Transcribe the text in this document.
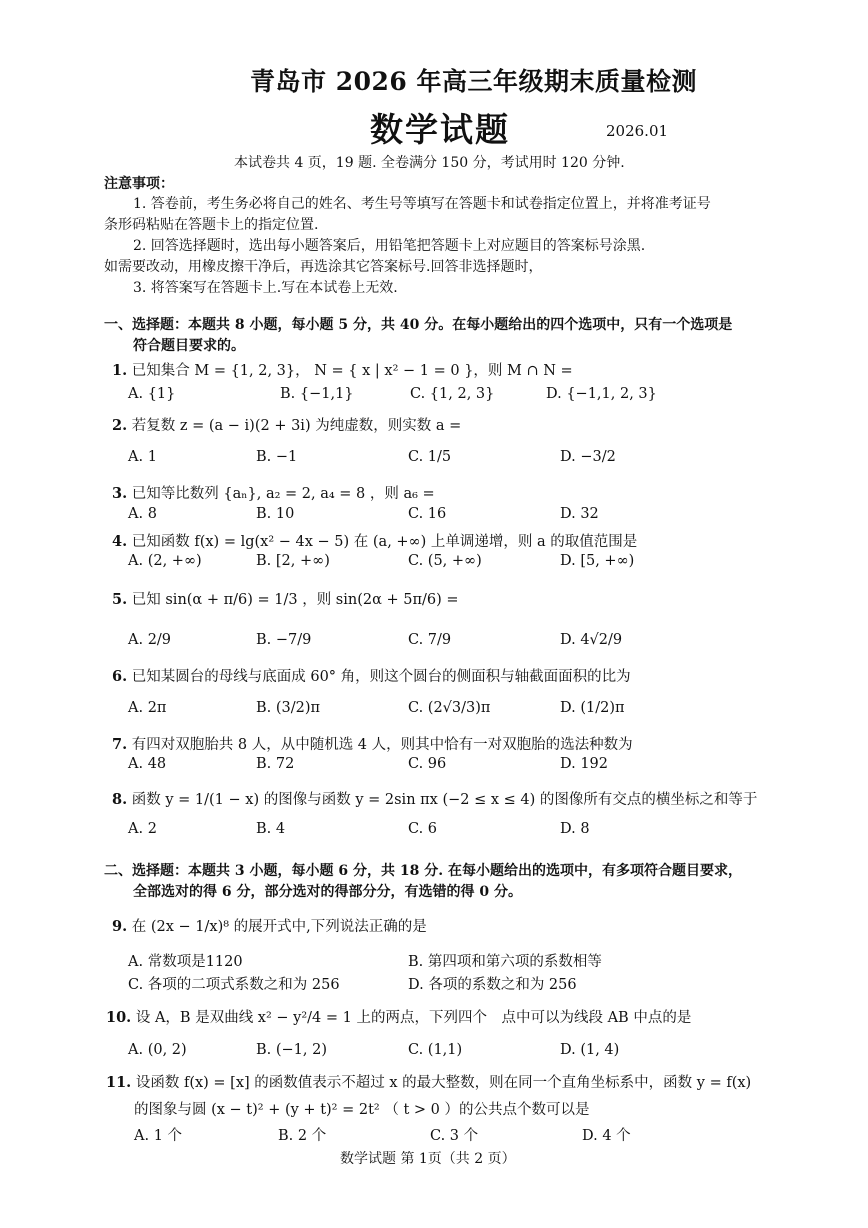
青岛市 2026 年高三年级期末质量检测
数学试题	2026.01
本试卷共 4 页，19 题. 全卷满分 150 分，考试用时 120 分钟.
注意事项：
1. 答卷前，考生务必将自己的姓名、考生号等填写在答题卡和试卷指定位置上，并将准考证号
条形码粘贴在答题卡上的指定位置.
2. 回答选择题时，选出每小题答案后，用铅笔把答题卡上对应题目的答案标号涂黑.
如需要改动，用橡皮擦干净后，再选涂其它答案标号.回答非选择题时，
3. 将答案写在答题卡上.写在本试卷上无效.
一、选择题：本题共 8 小题，每小题 5 分，共 40 分。在每小题给出的四个选项中，只有一个选项是
符合题目要求的。
1. 已知集合 M = {1, 2, 3}， N = { x | x² − 1 = 0 }，则 M ∩ N =
A. {1}	B. {−1,1}	C. {1, 2, 3}	D. {−1,1, 2, 3}
2. 若复数 z = (a − i)(2 + 3i) 为纯虚数，则实数 a =
A. 1	B. −1	C. 1/5	D. −3/2
3. 已知等比数列 {aₙ}, a₂ = 2, a₄ = 8 ，则 a₆ =
A. 8	B. 10	C. 16	D. 32
4. 已知函数 f(x) = lg(x² − 4x − 5) 在 (a, +∞) 上单调递增，则 a 的取值范围是
A. (2, +∞)	B. [2, +∞)	C. (5, +∞)	D. [5, +∞)
5. 已知 sin(α + π/6) = 1/3 ，则 sin(2α + 5π/6) =
A. 2/9	B. −7/9	C. 7/9	D. 4√2/9
6. 已知某圆台的母线与底面成 60° 角，则这个圆台的侧面积与轴截面面积的比为
A. 2π	B. (3/2)π	C. (2√3/3)π	D. (1/2)π
7. 有四对双胞胎共 8 人，从中随机选 4 人，则其中恰有一对双胞胎的选法种数为
A. 48	B. 72	C. 96	D. 192
8. 函数 y = 1/(1 − x) 的图像与函数 y = 2sin πx (−2 ≤ x ≤ 4) 的图像所有交点的横坐标之和等于
A. 2	B. 4	C. 6	D. 8
二、选择题：本题共 3 小题，每小题 6 分，共 18 分. 在每小题给出的选项中，有多项符合题目要求，
全部选对的得 6 分，部分选对的得部分分，有选错的得 0 分。
9. 在 (2x − 1/x)⁸ 的展开式中,下列说法正确的是
A. 常数项是1120	B. 第四项和第六项的系数相等
C. 各项的二项式系数之和为 256	D. 各项的系数之和为 256
10. 设 A，B 是双曲线 x² − y²/4 = 1 上的两点，下列四个　点中可以为线段 AB 中点的是
A. (0, 2)	B. (−1, 2)	C. (1,1)	D. (1, 4)
11. 设函数 f(x) = [x] 的函数值表示不超过 x 的最大整数，则在同一个直角坐标系中，函数 y = f(x)
的图象与圆 (x − t)² + (y + t)² = 2t² （ t > 0 ）的公共点个数可以是
A. 1 个	B. 2 个	C. 3 个	D. 4 个
数学试题 第 1页（共 2 页）
